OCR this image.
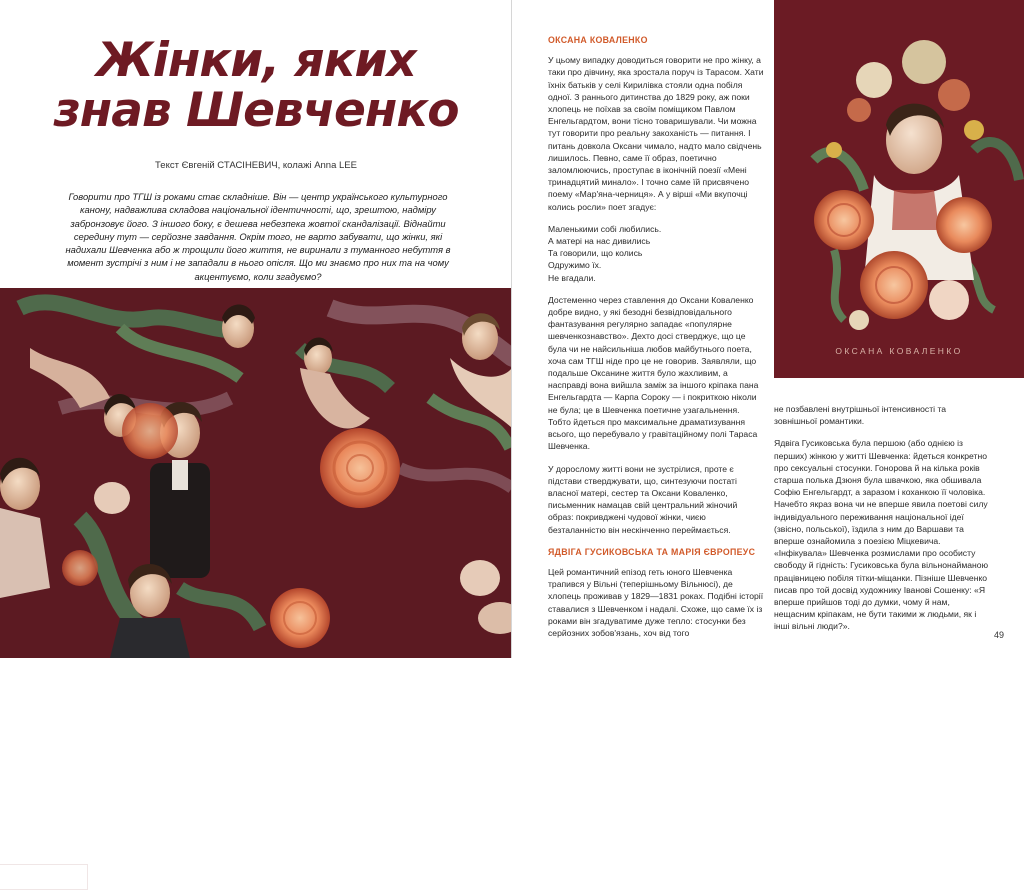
Жінки, яких
знав Шевченко
Текст Євгеній СТАСІНЕВИЧ, колажі Anna LEE
Говорити про ТГШ із роками стає складніше. Він — центр українського культурного канону, надважлива складова національної ідентичності, що, зрештою, надміру забронзовує його. З іншого боку, є дешева небезпека жовтої скандалізації. Віднайти середину тут — серйозне завдання. Окрім того, не варто забувати, що жінки, які надихали Шевченка або ж трощили його життя, не виринали з туманного небуття в момент зустрічі з ним і не западали в нього опісля. Що ми знаємо про них та на чому акцентуємо, коли згадуємо?
ЛЮБОВ
ОКСАНА КОВАЛЕНКО

У цьому випадку доводиться говорити не про жінку, а таки про дівчину, яка зростала поруч із Тарасом. Хати їхніх батьків у селі Кирилівка стояли одна побіля одної. З раннього дитинства до 1829 року, аж поки хлопець не поїхав за своїм поміщиком Павлом Енгельгардтом, вони тісно товаришували. Чи можна тут говорити про реальну закоханість — питання. І питань довкола Оксани чимало, надто мало свідчень лишилось. Певно, саме її образ, поетично заломлюючись, проступає в іконічній поезії «Мені тринадцятий минало». І точно саме їй присвячено поему «Мар'яна-черниця». А у вірші «Ми вкупочці колись росли» поет згадує:

Маленькими собі любились.
А матері на нас дивились
Та говорили, що колись
Одружимо їх.
Не вгадали.

Достеменно через ставлення до Оксани Коваленко добре видно, у які безодні безвідповідального фантазування регулярно западає «популярне шевченкознавство». Дехто досі стверджує, що це була чи не найсильніша любов майбутнього поета, хоча сам ТГШ ніде про це не говорив. Заявляли, що подальше Оксанине життя було жахливим, а насправді вона вийшла заміж за іншого кріпака пана Енгельгардта — Карпа Сороку — і покриткою ніколи не була; це в Шевченка поетичне узагальнення. Тобто йдеться про максимальне драматизування всього, що перебувало у гравітаційному полі Тараса Шевченка.

У дорослому житті вони не зустрілися, проте є підстави стверджувати, що, синтезуючи постаті власної матері, сестер та Оксани Коваленко, письменник намацав свій центральний жіночий образ: покривджені чудової жінки, чиєю безталанністю він нескінченно переймається.

ЯДВІГА ГУСИКОВСЬКА ТА МАРІЯ ЄВРОПЕУС

Цей романтичний епізод геть юного Шевченка трапився у Вільні (теперішньому Вільнюсі), де хлопець проживав у 1829—1831 роках. Подібні історії ставалися з Шевченком і надалі. Схоже, що саме їх із роками він згадуватиме дуже тепло: стосунки без серйозних зобов'язань, хоч від того

ОКСАНА КОВАЛЕНКО

не позбавлені внутрішньої інтенсивності та зовнішньої романтики.

Ядвіга Гусиковська була першою (або однією із перших) жінкою у житті Шевченка: йдеться конкретно про сексуальні стосунки. Гонорова й на кілька років старша полька Дзюня була швачкою, яка обшивала Софію Енгельгардт, а заразом і коханкою її чоловіка. Начебто якраз вона чи не вперше явила поетові силу індивідуального переживання національної ідеї (звісно, польської), їздила з ним до Варшави та вперше ознайомила з поезією Міцкевича. «Інфікувала» Шевченка розмислами про особисту свободу й гідність: Гусиковська була вільнонайманою працівницею побіля тітки-міщанки. Пізніше Шевченко писав про той досвід художнику Іванові Сошенку: «Я вперше прийшов тоді до думки, чому й нам, нещасним кріпакам, не бути такими ж людьми, як і інші вільні люди?».

49
